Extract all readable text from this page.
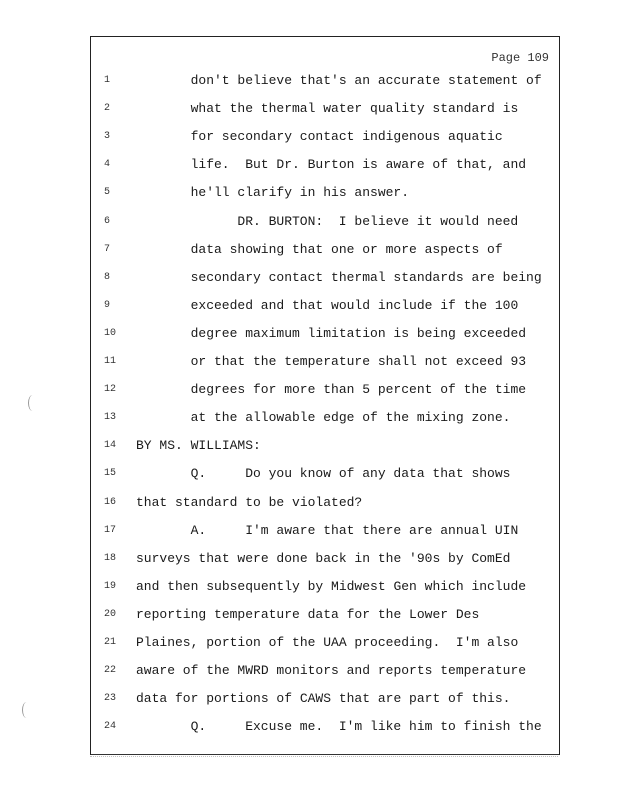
Page 109
1	don't believe that's an accurate statement of
2	what the thermal water quality standard is
3	for secondary contact indigenous aquatic
4	life.  But Dr. Burton is aware of that, and
5	he'll clarify in his answer.
6	DR. BURTON:  I believe it would need
7	data showing that one or more aspects of
8	secondary contact thermal standards are being
9	exceeded and that would include if the 100
10	degree maximum limitation is being exceeded
11	or that the temperature shall not exceed 93
12	degrees for more than 5 percent of the time
13	at the allowable edge of the mixing zone.
14	BY MS. WILLIAMS:
15	Q.     Do you know of any data that shows
16	that standard to be violated?
17	A.     I'm aware that there are annual UIN
18	surveys that were done back in the '90s by ComEd
19	and then subsequently by Midwest Gen which include
20	reporting temperature data for the Lower Des
21	Plaines, portion of the UAA proceeding.  I'm also
22	aware of the MWRD monitors and reports temperature
23	data for portions of CAWS that are part of this.
24	Q.     Excuse me.  I'm like him to finish the
